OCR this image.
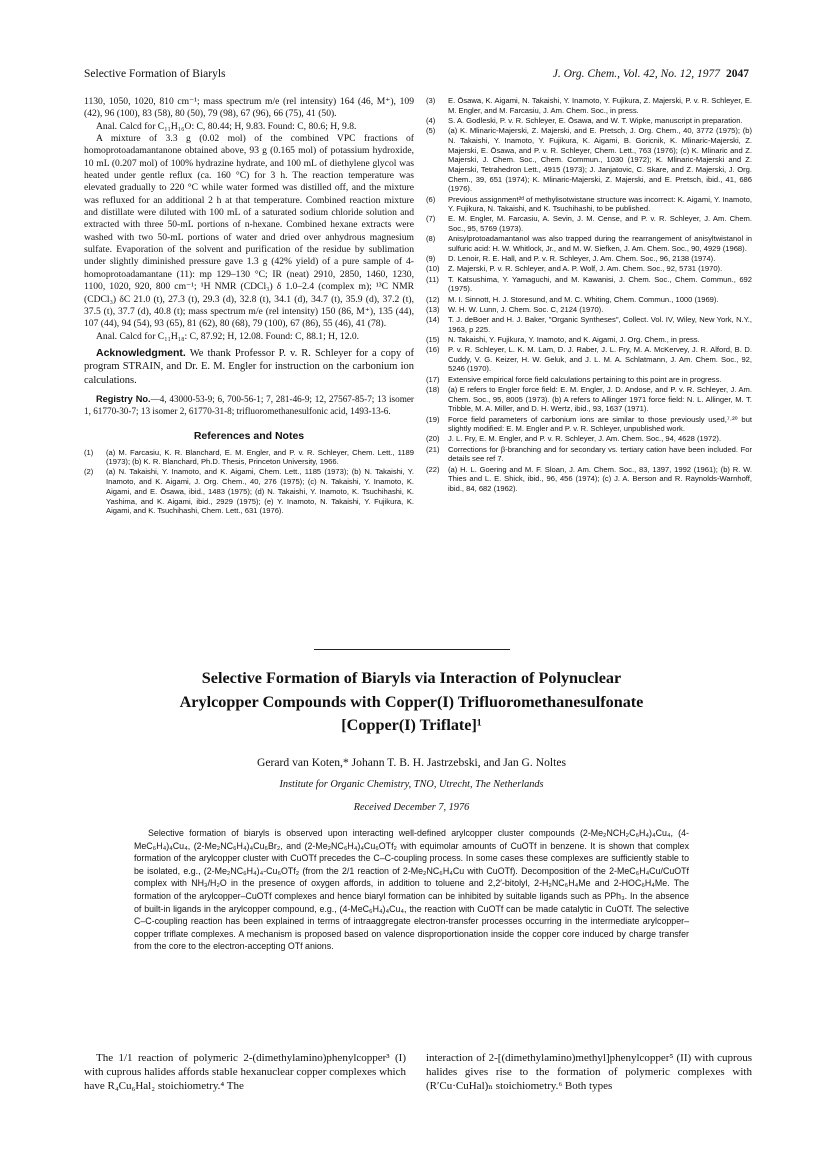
Selective Formation of Biaryls	J. Org. Chem., Vol. 42, No. 12, 1977 2047

1130, 1050, 1020, 810 cm⁻¹; mass spectrum m/e (rel intensity) 164 (46, M⁺), 109 (42), 96 (100), 83 (58), 80 (50), 79 (98), 67 (96), 66 (75), 41 (50).

Anal. Calcd for C₁₁H₁₆O: C, 80.44; H, 9.83. Found: C, 80.6; H, 9.8.

A mixture of 3.3 g (0.02 mol) of the combined VPC fractions of homoprotoadamantanone obtained above, 93 g (0.165 mol) of potassium hydroxide, 10 mL (0.207 mol) of 100% hydrazine hydrate, and 100 mL of diethylene glycol was heated under gentle reflux (ca. 160 °C) for 3 h. The reaction temperature was elevated gradually to 220 °C while water formed was distilled off, and the mixture was refluxed for an additional 2 h at that temperature. Combined reaction mixture and distillate were diluted with 100 mL of a saturated sodium chloride solution and extracted with three 50-mL portions of n-hexane. Combined hexane extracts were washed with two 50-mL portions of water and dried over anhydrous magnesium sulfate. Evaporation of the solvent and purification of the residue by sublimation under slightly diminished pressure gave 1.3 g (42% yield) of a pure sample of 4-homoprotoadamantane (11): mp 129–130 °C; IR (neat) 2910, 2850, 1460, 1230, 1100, 1020, 920, 800 cm⁻¹; ¹H NMR (CDCl₃) δ 1.0–2.4 (complex m); ¹³C NMR (CDCl₃) δC 21.0 (t), 27.3 (t), 29.3 (d), 32.8 (t), 34.1 (d), 34.7 (t), 35.9 (d), 37.2 (t), 37.5 (t), 37.7 (d), 40.8 (t); mass spectrum m/e (rel intensity) 150 (86, M⁺), 135 (44), 107 (44), 94 (54), 93 (65), 81 (62), 80 (68), 79 (100), 67 (86), 55 (46), 41 (78).

Anal. Calcd for C₁₁H₁₈: C, 87.92; H, 12.08. Found: C, 88.1; H, 12.0.

Acknowledgment. We thank Professor P. v. R. Schleyer for a copy of program STRAIN, and Dr. E. M. Engler for instruction on the carbonium ion calculations.

Registry No.—4, 43000-53-9; 6, 700-56-1; 7, 281-46-9; 12, 27567-85-7; 13 isomer 1, 61770-30-7; 13 isomer 2, 61770-31-8; trifluoromethanesulfonic acid, 1493-13-6.

References and Notes
(1)	(a) M. Farcasiu, K. R. Blanchard, E. M. Engler, and P. v. R. Schleyer, Chem. Lett., 1189 (1973); (b) K. R. Blanchard, Ph.D. Thesis, Princeton University, 1966.
(2)	(a) N. Takaishi, Y. Inamoto, and K. Aigami, Chem. Lett., 1185 (1973); (b) N. Takaishi, Y. Inamoto, and K. Aigami, J. Org. Chem., 40, 276 (1975); (c) N. Takaishi, Y. Inamoto, K. Aigami, and E. Ōsawa, ibid., 1483 (1975); (d) N. Takaishi, Y. Inamoto, K. Tsuchihashi, K. Yashima, and K. Aigami, ibid., 2929 (1975); (e) Y. Inamoto, N. Takaishi, Y. Fujikura, K. Aigami, and K. Tsuchihashi, Chem. Lett., 631 (1976).
(3)	E. Ōsawa, K. Aigami, N. Takaishi, Y. Inamoto, Y. Fujikura, Z. Majerski, P. v. R. Schleyer, E. M. Engler, and M. Farcasiu, J. Am. Chem. Soc., in press.
(4)	S. A. Godleski, P. v. R. Schleyer, E. Ōsawa, and W. T. Wipke, manuscript in preparation.
(5)	(a) K. Mlinaric-Majerski, Z. Majerski, and E. Pretsch, J. Org. Chem., 40, 3772 (1975); (b) N. Takaishi, Y. Inamoto, Y. Fujikura, K. Aigami, B. Goricnik, K. Mlinaric-Majerski, Z. Majerski, E. Ōsawa, and P. v. R. Schleyer, Chem. Lett., 763 (1976); (c) K. Mlinaric and Z. Majerski, J. Chem. Soc., Chem. Commun., 1030 (1972); K. Mlinaric-Majerski and Z. Majerski, Tetrahedron Lett., 4915 (1973); J. Janjatovic, C. Skare, and Z. Majerski, J. Org. Chem., 39, 651 (1974); K. Mlinaric-Majerski, Z. Majerski, and E. Pretsch, ibid., 41, 686 (1976).
(6)	Previous assignment²ᵈ of methylisotwistane structure was incorrect: K. Aigami, Y. Inamoto, Y. Fujikura, N. Takaishi, and K. Tsuchihashi, to be published.
(7)	E. M. Engler, M. Farcasiu, A. Sevin, J. M. Cense, and P. v. R. Schleyer, J. Am. Chem. Soc., 95, 5769 (1973).
(8)	Anisylprotoadamantanol was also trapped during the rearrangement of anisyltwistanol in sulfuric acid: H. W. Whitlock, Jr., and M. W. Siefken, J. Am. Chem. Soc., 90, 4929 (1968).
(9)	D. Lenoir, R. E. Hall, and P. v. R. Schleyer, J. Am. Chem. Soc., 96, 2138 (1974).
(10)	Z. Majerski, P. v. R. Schleyer, and A. P. Wolf, J. Am. Chem. Soc., 92, 5731 (1970).
(11)	T. Katsushima, Y. Yamaguchi, and M. Kawanisi, J. Chem. Soc., Chem. Commun., 692 (1975).
(12)	M. I. Sinnott, H. J. Storesund, and M. C. Whiting, Chem. Commun., 1000 (1969).
(13)	W. H. W. Lunn, J. Chem. Soc. C, 2124 (1970).
(14)	T. J. deBoer and H. J. Baker, "Organic Syntheses", Collect. Vol. IV, Wiley, New York, N.Y., 1963, p 225.
(15)	N. Takaishi, Y. Fujikura, Y. Inamoto, and K. Aigami, J. Org. Chem., in press.
(16)	P. v. R. Schleyer, L. K. M. Lam, D. J. Raber, J. L. Fry, M. A. McKervey, J. R. Alford, B. D. Cuddy, V. G. Keizer, H. W. Geluk, and J. L. M. A. Schlatmann, J. Am. Chem. Soc., 92, 5246 (1970).
(17)	Extensive empirical force field calculations pertaining to this point are in progress.
(18)	(a) E refers to Engler force field: E. M. Engler, J. D. Andose, and P. v. R. Schleyer, J. Am. Chem. Soc., 95, 8005 (1973). (b) A refers to Allinger 1971 force field: N. L. Allinger, M. T. Tribble, M. A. Miller, and D. H. Wertz, ibid., 93, 1637 (1971).
(19)	Force field parameters of carbonium ions are similar to those previously used,⁷·²⁰ but slightly modified: E. M. Engler and P. v. R. Schleyer, unpublished work.
(20)	J. L. Fry, E. M. Engler, and P. v. R. Schleyer, J. Am. Chem. Soc., 94, 4628 (1972).
(21)	Corrections for β-branching and for secondary vs. tertiary cation have been included. For details see ref 7.
(22)	(a) H. L. Goering and M. F. Sloan, J. Am. Chem. Soc., 83, 1397, 1992 (1961); (b) R. W. Thies and L. E. Shick, ibid., 96, 456 (1974); (c) J. A. Berson and R. Raynolds-Warnhoff, ibid., 84, 682 (1962).
Selective Formation of Biaryls via Interaction of Polynuclear
Arylcopper Compounds with Copper(I) Trifluoromethanesulfonate
[Copper(I) Triflate]¹
Gerard van Koten,* Johann T. B. H. Jastrzebski, and Jan G. Noltes
Institute for Organic Chemistry, TNO, Utrecht, The Netherlands
Received December 7, 1976

Selective formation of biaryls is observed upon interacting well-defined arylcopper cluster compounds (2-Me₂NCH₂C₆H₄)₄Cu₄, (4-MeC₆H₄)₄Cu₄, (2-Me₂NC₆H₄)₄Cu₆Br₂, and (2-Me₂NC₆H₄)₄Cu₆OTf₂ with equimolar amounts of CuOTf in benzene. It is shown that complex formation of the arylcopper cluster with CuOTf precedes the C–C-coupling process. In some cases these complexes are sufficiently stable to be isolated, e.g., (2-Me₂NC₆H₄)₄-Cu₆OTf₂ (from the 2/1 reaction of 2-Me₂NC₆H₄Cu with CuOTf). Decomposition of the 2-MeC₆H₄Cu/CuOTf complex with NH₃/H₂O in the presence of oxygen affords, in addition to toluene and 2,2′-bitolyl, 2-H₂NC₆H₄Me and 2-HOC₆H₄Me. The formation of the arylcopper–CuOTf complexes and hence biaryl formation can be inhibited by suitable ligands such as PPh₃. In the absence of built-in ligands in the arylcopper compound, e.g., (4-MeC₆H₄)₄Cu₄, the reaction with CuOTf can be made catalytic in CuOTf. The selective C–C-coupling reaction has been explained in terms of intraaggregate electron-transfer processes occurring in the intermediate arylcopper–copper triflate complexes. A mechanism is proposed based on valence disproportionation inside the copper core induced by charge transfer from the core to the electron-accepting OTf anions.

The 1/1 reaction of polymeric 2-(dimethylamino)phenylcopper³ (I) with cuprous halides affords stable hexanuclear copper complexes which have R₄Cu₆Hal₂ stoichiometry.⁴ The

interaction of 2-[(dimethylamino)methyl]phenylcopper⁵ (II) with cuprous halides gives rise to the formation of polymeric complexes with (R′Cu·CuHal)ₙ stoichiometry.⁶ Both types
